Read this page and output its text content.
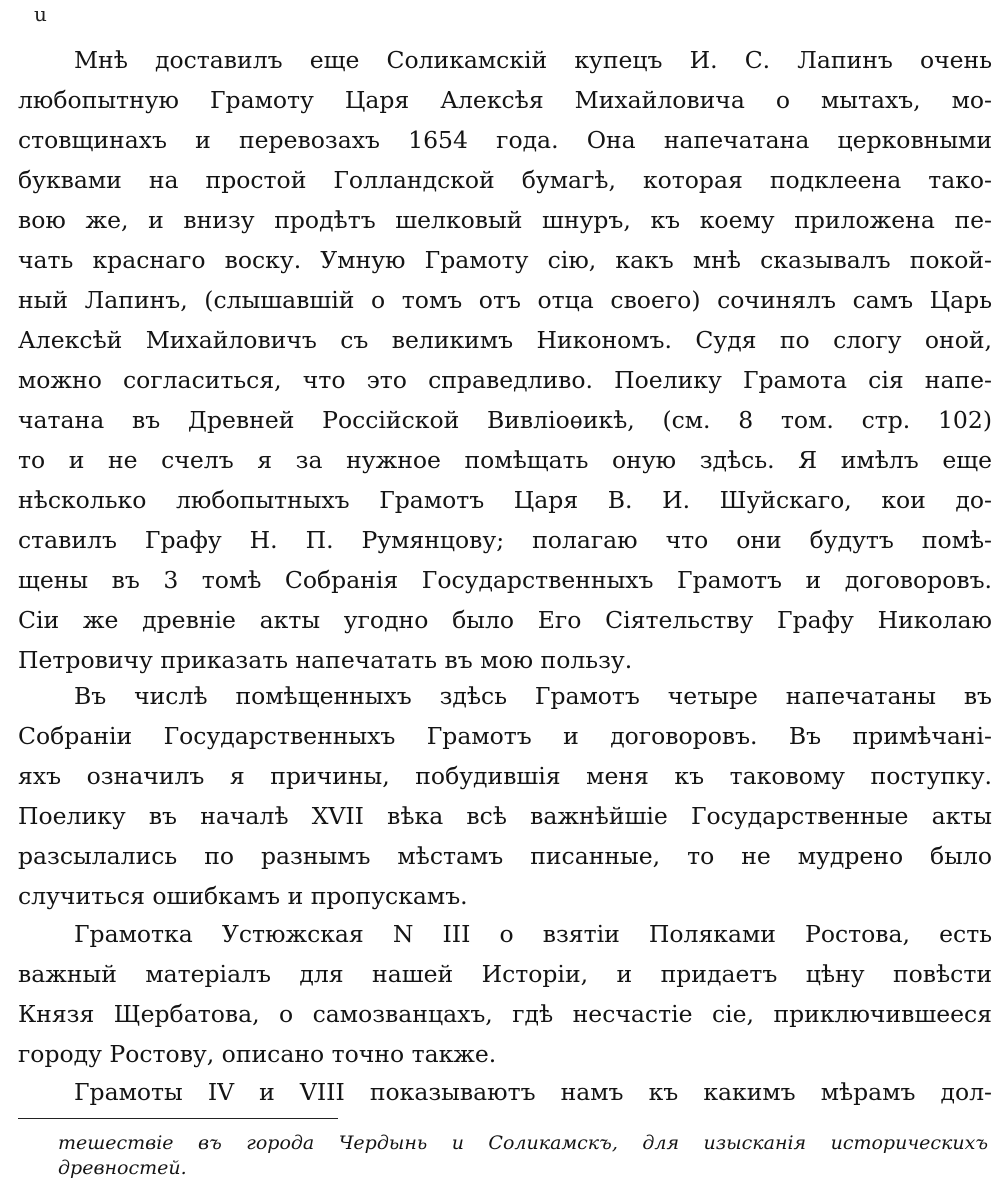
u
Мнѣ доставилъ еще Соликамскій купецъ И. С. Лапинъ очень
любопытную Грамоту Царя Алексѣя Михайловича о мытахъ, мо-
стовщинахъ и перевозахъ 1654 года. Она напечатана церковными
буквами на простой Голландской бумагѣ, которая подклеена тако-
вою же, и внизу продѣтъ шелковый шнуръ, къ коему приложена пе-
чать краснаго воску. Умную Грамоту сію, какъ мнѣ сказывалъ покой-
ный Лапинъ, (слышавшій о томъ отъ отца своего) сочинялъ самъ Царь
Алексѣй Михайловичъ съ великимъ Никономъ. Судя по слогу оной,
можно согласиться, что это справедливо. Поелику Грамота сія напе-
чатана въ Древней Россійской Вивліоѳикѣ, (см. 8 том. стр. 102)
то и не счелъ я за нужное помѣщать оную здѣсь. Я имѣлъ еще
нѣсколько любопытныхъ Грамотъ Царя В. И. Шуйскаго, кои до-
ставилъ Графу Н. П. Румянцову; полагаю что они будутъ помѣ-
щены въ 3 томѣ Собранія Государственныхъ Грамотъ и договоровъ.
Сіи же древніе акты угодно было Его Сіятельству Графу Николаю
Петровичу приказать напечатать въ мою пользу.
Въ числѣ помѣщенныхъ здѣсь Грамотъ четыре напечатаны въ
Собраніи Государственныхъ Грамотъ и договоровъ. Въ примѣчані-
яхъ означилъ я причины, побудившія меня къ таковому поступку.
Поелику въ началѣ XVII вѣка всѣ важнѣйшіе Государственные акты
разсылались по разнымъ мѣстамъ писанные, то не мудрено было
случиться ошибкамъ и пропускамъ.
Грамотка Устюжская N III о взятіи Поляками Ростова, есть
важный матеріалъ для нашей Исторіи, и придаетъ цѣну повѣсти
Князя Щербатова, о самозванцахъ, гдѣ несчастіе сіе, приключившееся
городу Ростову, описано точно также.
Грамоты IV и VIII показываютъ намъ къ какимъ мѣрамъ дол-
тешествіе въ города Чердынь и Соликамскъ, для изысканія историческихъ
древностей.
